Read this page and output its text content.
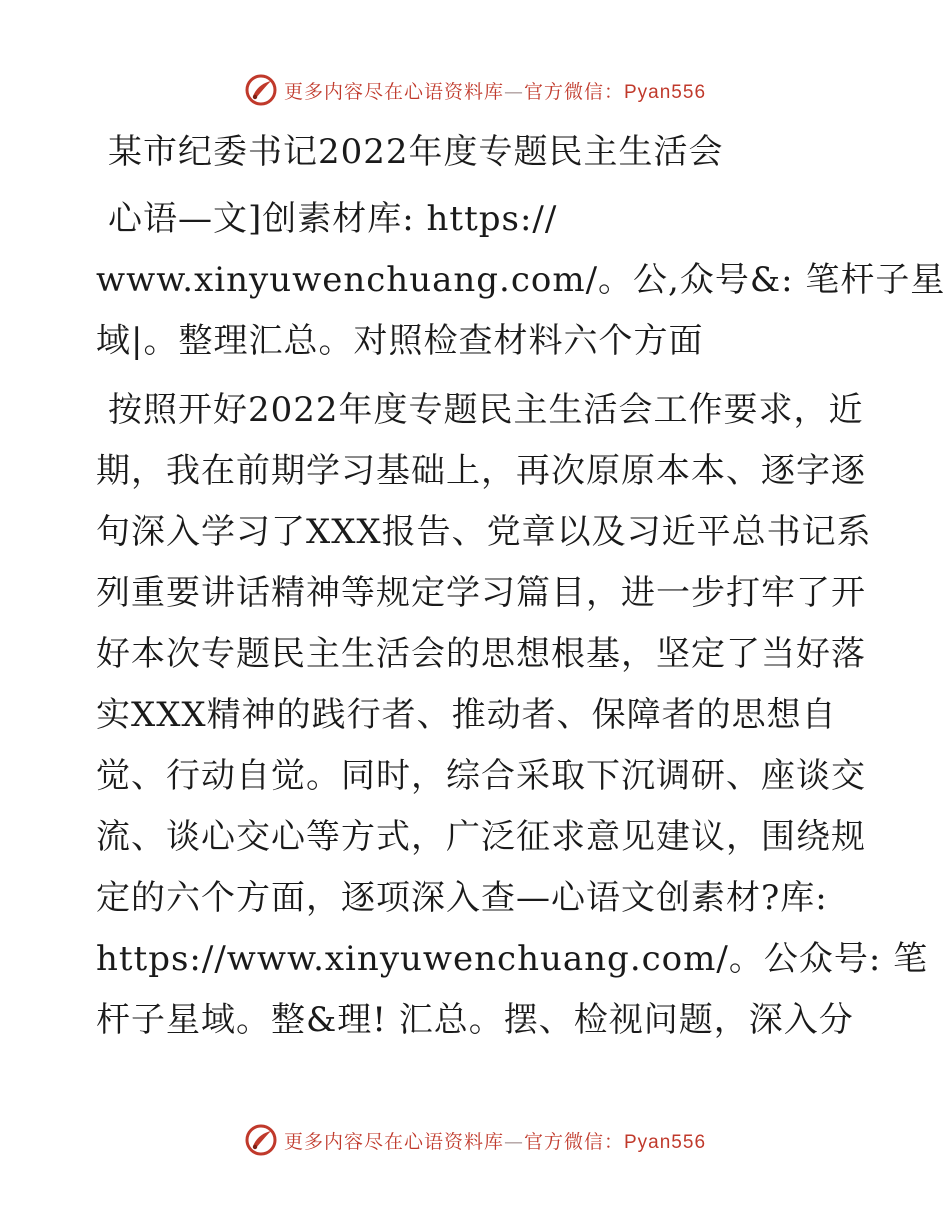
更多内容尽在心语资料库—官方微信：Pyan556
某市纪委书记2022年度专题民主生活会
心语—文]创素材库: https://
www.xinyuwenchuang.com/。公,众号&: 笔杆子星
域|。整理汇总。对照检查材料六个方面
按照开好2022年度专题民主生活会工作要求，近
期，我在前期学习基础上，再次原原本本、逐字逐
句深入学习了XXX报告、党章以及习近平总书记系
列重要讲话精神等规定学习篇目，进一步打牢了开
好本次专题民主生活会的思想根基，坚定了当好落
实XXX精神的践行者、推动者、保障者的思想自
觉、行动自觉。同时，综合采取下沉调研、座谈交
流、谈心交心等方式，广泛征求意见建议，围绕规
定的六个方面，逐项深入查—心语文创素材?库:
https://www.xinyuwenchuang.com/。公众号: 笔
杆子星域。整&理! 汇总。摆、检视问题，深入分
更多内容尽在心语资料库—官方微信：Pyan556
